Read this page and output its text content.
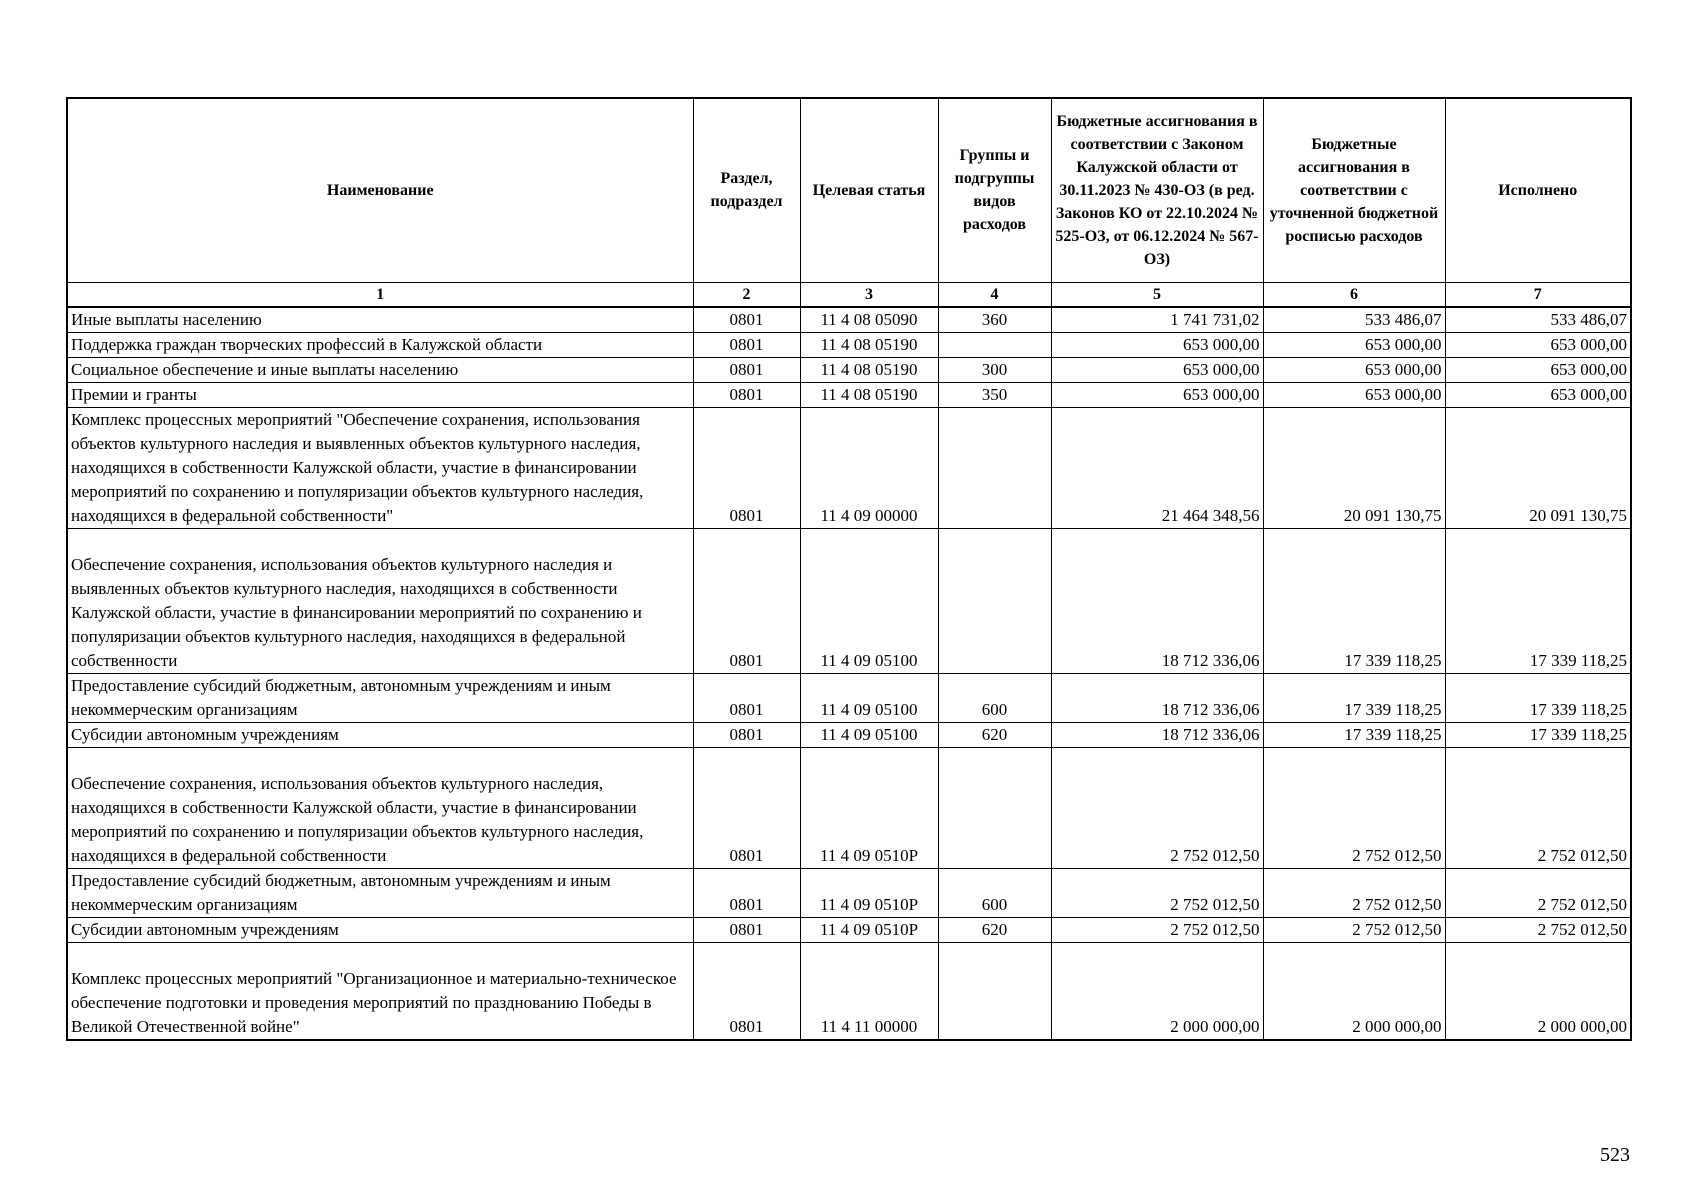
Наименование	Раздел, подраздел	Целевая статья	Группы и подгруппы видов расходов	Бюджетные ассигнования в соответствии с Законом Калужской области от 30.11.2023 № 430-ОЗ (в ред. Законов КО от 22.10.2024 № 525-ОЗ, от 06.12.2024 № 567-ОЗ)	Бюджетные ассигнования в соответствии с уточненной бюджетной росписью расходов	Исполнено
1	2	3	4	5	6	7
Иные выплаты населению	0801	11 4 08 05090	360	1 741 731,02	533 486,07	533 486,07
Поддержка граждан творческих профессий в Калужской области	0801	11 4 08 05190		653 000,00	653 000,00	653 000,00
Социальное обеспечение и иные выплаты населению	0801	11 4 08 05190	300	653 000,00	653 000,00	653 000,00
Премии и гранты	0801	11 4 08 05190	350	653 000,00	653 000,00	653 000,00
Комплекс процессных мероприятий "Обеспечение сохранения, использования объектов культурного наследия и выявленных объектов культурного наследия, находящихся в собственности Калужской области, участие в финансировании мероприятий по сохранению и популяризации объектов культурного наследия, находящихся в федеральной собственности"	0801	11 4 09 00000		21 464 348,56	20 091 130,75	20 091 130,75
Обеспечение сохранения, использования объектов культурного наследия и выявленных объектов культурного наследия, находящихся в собственности Калужской области, участие в финансировании мероприятий по сохранению и популяризации объектов культурного наследия, находящихся в федеральной собственности	0801	11 4 09 05100		18 712 336,06	17 339 118,25	17 339 118,25
Предоставление субсидий бюджетным, автономным учреждениям и иным некоммерческим организациям	0801	11 4 09 05100	600	18 712 336,06	17 339 118,25	17 339 118,25
Субсидии автономным учреждениям	0801	11 4 09 05100	620	18 712 336,06	17 339 118,25	17 339 118,25
Обеспечение сохранения, использования объектов культурного наследия, находящихся в собственности Калужской области, участие в финансировании мероприятий по сохранению и популяризации объектов культурного наследия, находящихся в федеральной собственности	0801	11 4 09 0510P		2 752 012,50	2 752 012,50	2 752 012,50
Предоставление субсидий бюджетным, автономным учреждениям и иным некоммерческим организациям	0801	11 4 09 0510P	600	2 752 012,50	2 752 012,50	2 752 012,50
Субсидии автономным учреждениям	0801	11 4 09 0510P	620	2 752 012,50	2 752 012,50	2 752 012,50
Комплекс процессных мероприятий "Организационное и материально-техническое обеспечение подготовки и проведения мероприятий по празднованию Победы в Великой Отечественной войне"	0801	11 4 11 00000		2 000 000,00	2 000 000,00	2 000 000,00
523
